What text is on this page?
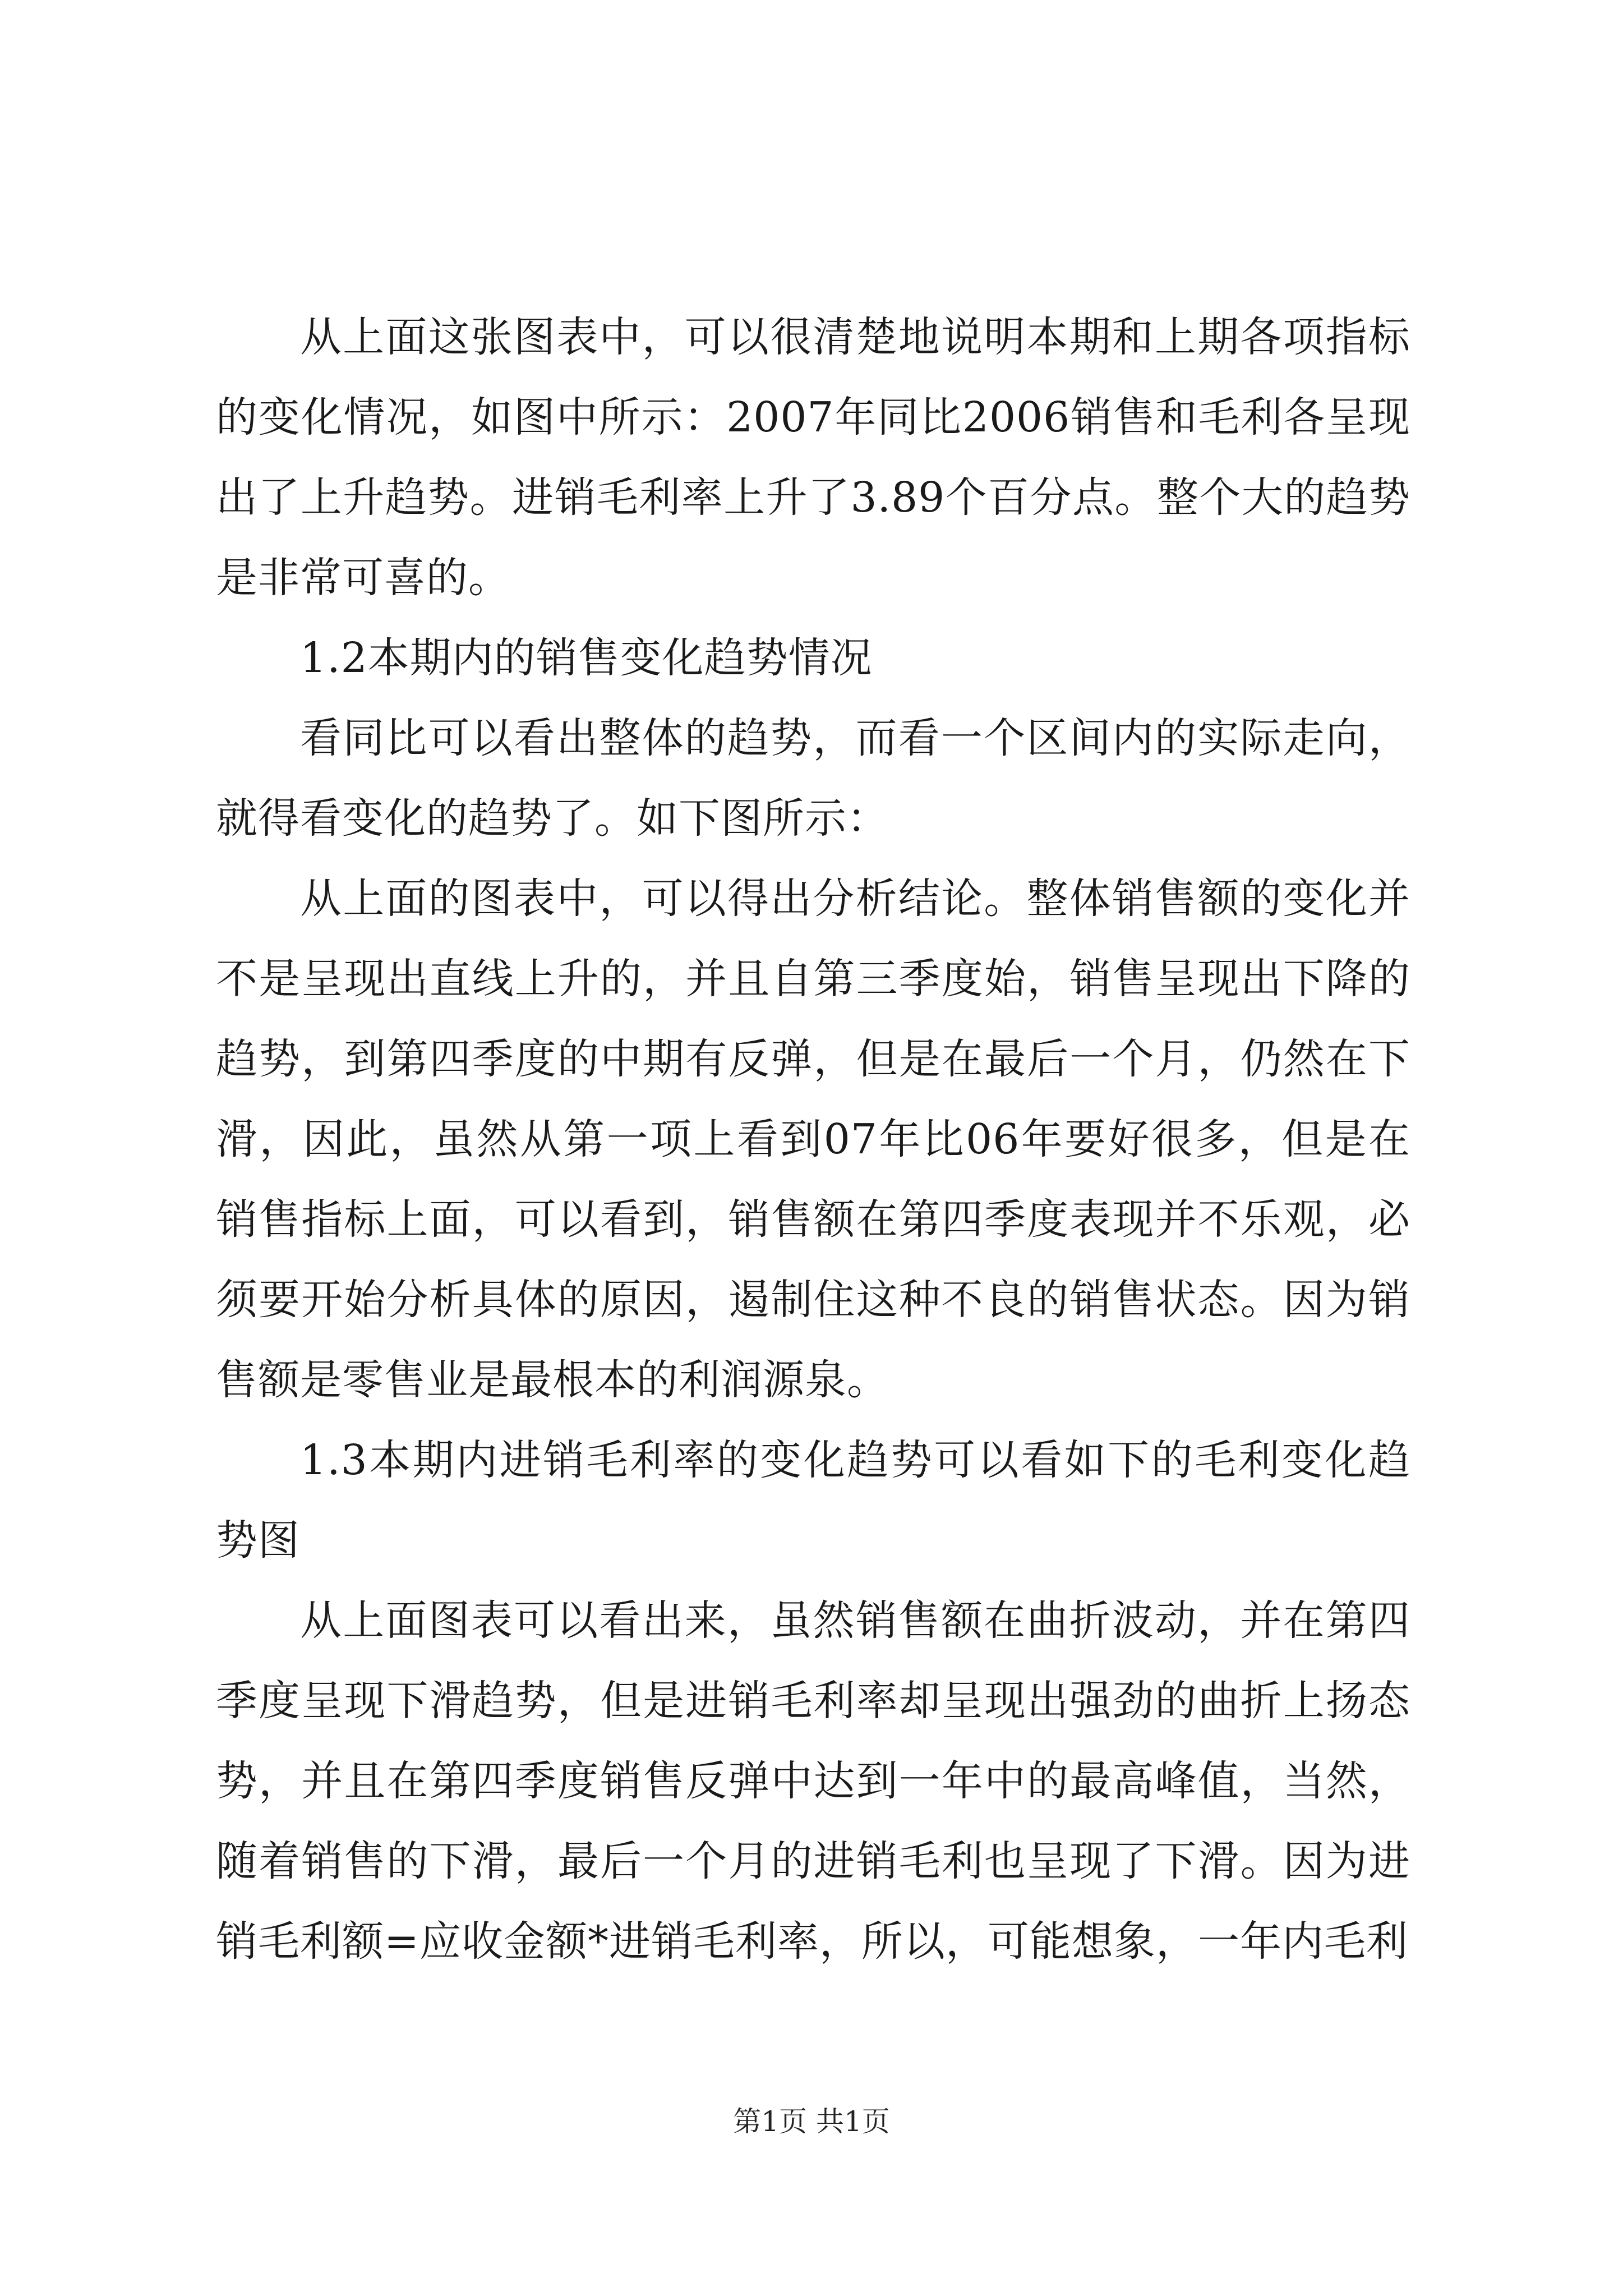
从上面这张图表中，可以很清楚地说明本期和上期各项指标的变化情况，如图中所示：2007年同比2006销售和毛利各呈现出了上升趋势。进销毛利率上升了3.89个百分点。整个大的趋势是非常可喜的。

1.2本期内的销售变化趋势情况

看同比可以看出整体的趋势，而看一个区间内的实际走向，就得看变化的趋势了。如下图所示：

从上面的图表中，可以得出分析结论。整体销售额的变化并不是呈现出直线上升的，并且自第三季度始，销售呈现出下降的趋势，到第四季度的中期有反弹，但是在最后一个月，仍然在下滑，因此，虽然从第一项上看到07年比06年要好很多，但是在销售指标上面，可以看到，销售额在第四季度表现并不乐观，必须要开始分析具体的原因，遏制住这种不良的销售状态。因为销售额是零售业是最根本的利润源泉。

1.3本期内进销毛利率的变化趋势可以看如下的毛利变化趋势图

从上面图表可以看出来，虽然销售额在曲折波动，并在第四季度呈现下滑趋势，但是进销毛利率却呈现出强劲的曲折上扬态势，并且在第四季度销售反弹中达到一年中的最高峰值，当然，随着销售的下滑，最后一个月的进销毛利也呈现了下滑。因为进销毛利额=应收金额*进销毛利率，所以，可能想象，一年内毛利

第1页 共1页
